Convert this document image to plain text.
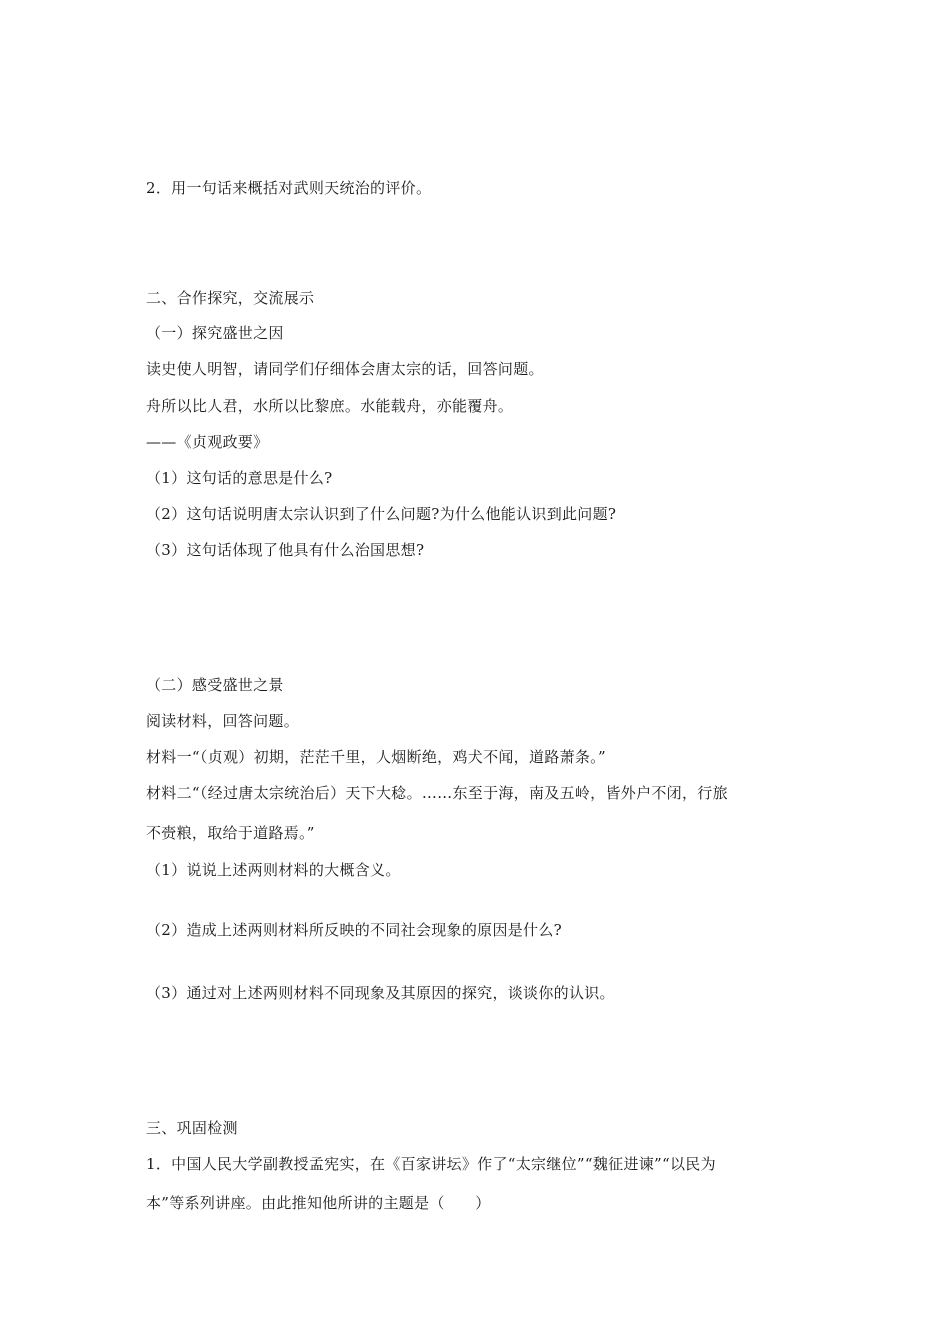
2．用一句话来概括对武则天统治的评价。
二、合作探究，交流展示
（一）探究盛世之因
读史使人明智，请同学们仔细体会唐太宗的话，回答问题。
舟所以比人君，水所以比黎庶。水能载舟，亦能覆舟。
——《贞观政要》
（1）这句话的意思是什么?
（2）这句话说明唐太宗认识到了什么问题?为什么他能认识到此问题?
（3）这句话体现了他具有什么治国思想?
（二）感受盛世之景
阅读材料，回答问题。
材料一“（贞观）初期，茫茫千里，人烟断绝，鸡犬不闻，道路萧条。”
材料二“（经过唐太宗统治后）天下大稔。……东至于海，南及五岭，皆外户不闭，行旅
不赍粮，取给于道路焉。”
（1）说说上述两则材料的大概含义。
（2）造成上述两则材料所反映的不同社会现象的原因是什么?
（3）通过对上述两则材料不同现象及其原因的探究，谈谈你的认识。
三、巩固检测
1．中国人民大学副教授孟宪实，在《百家讲坛》作了“太宗继位”“魏征进谏”“以民为
本”等系列讲座。由此推知他所讲的主题是（　　）
